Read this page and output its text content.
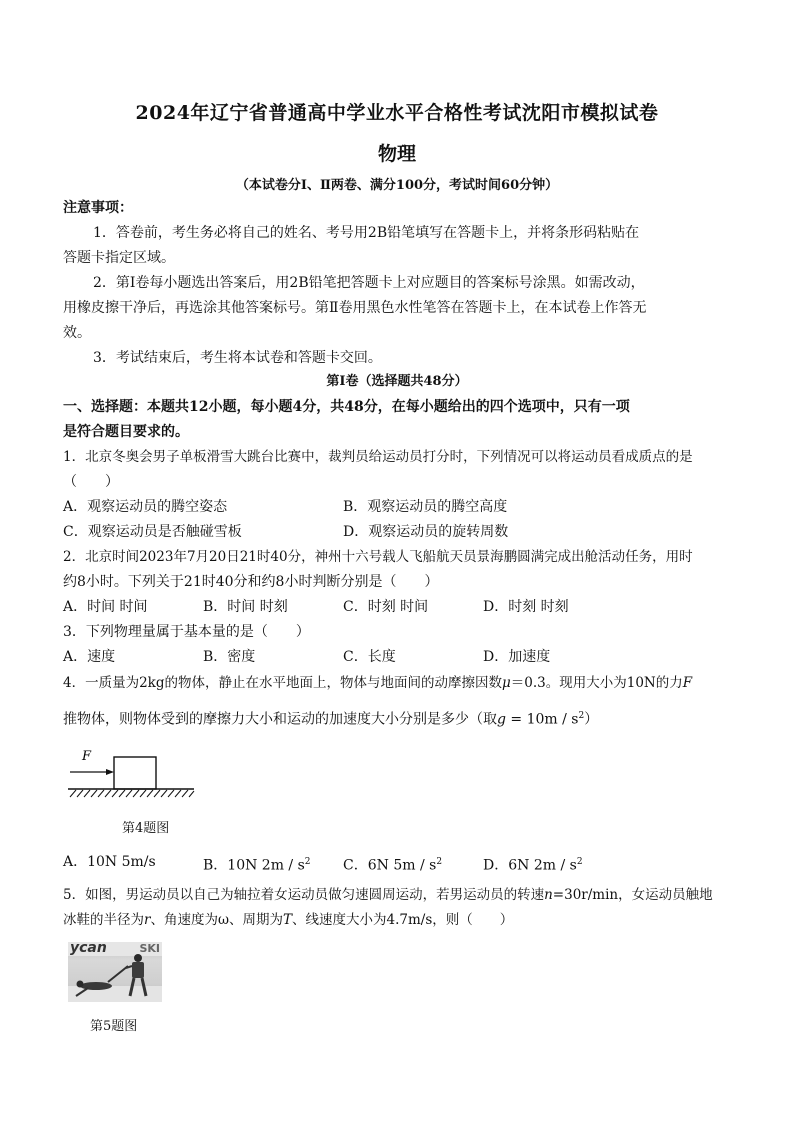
2024年辽宁省普通高中学业水平合格性考试沈阳市模拟试卷
物理
（本试卷分Ⅰ、Ⅱ两卷、满分100分，考试时间60分钟）
注意事项：
1．答卷前，考生务必将自己的姓名、考号用2B铅笔填写在答题卡上，并将条形码粘贴在
答题卡指定区域。
2．第Ⅰ卷每小题选出答案后，用2B铅笔把答题卡上对应题目的答案标号涂黑。如需改动，
用橡皮擦干净后，再选涂其他答案标号。第Ⅱ卷用黑色水性笔答在答题卡上，在本试卷上作答无
效。
3．考试结束后，考生将本试卷和答题卡交回。
第Ⅰ卷（选择题共48分）
一、选择题：本题共12小题，每小题4分，共48分，在每小题给出的四个选项中，只有一项
是符合题目要求的。
1．北京冬奥会男子单板滑雪大跳台比赛中，裁判员给运动员打分时，下列情况可以将运动员看成质点的是
（　　）
A．观察运动员的腾空姿态	B．观察运动员的腾空高度
C．观察运动员是否触碰雪板	D．观察运动员的旋转周数
2．北京时间2023年7月20日21时40分，神州十六号载人飞船航天员景海鹏圆满完成出舱活动任务，用时
约8小时。下列关于21时40分和约8小时判断分别是（　　）
A．时间 时间	B．时间 时刻	C．时刻 时间	D．时刻 时刻
3．下列物理量属于基本量的是（　　）
A．速度	B．密度	C．长度	D．加速度
4．一质量为2kg的物体，静止在水平地面上，物体与地面间的动摩擦因数μ＝0.3。现用大小为10N的力F
推物体，则物体受到的摩擦力大小和运动的加速度大小分别是多少（取$g = 10m / s^2$）
F
第4题图
A．10N 5m/s	B．10N $2m / s^2$ C．6N $5m / s^2$	D．6N $2m / s^2$
5．如图，男运动员以自己为轴拉着女运动员做匀速圆周运动，若男运动员的转速n=30r/min，女运动员触地
冰鞋的半径为r、角速度为ω、周期为T、线速度大小为4.7m/s，则（　　）
ycan	SKI
第5题图
